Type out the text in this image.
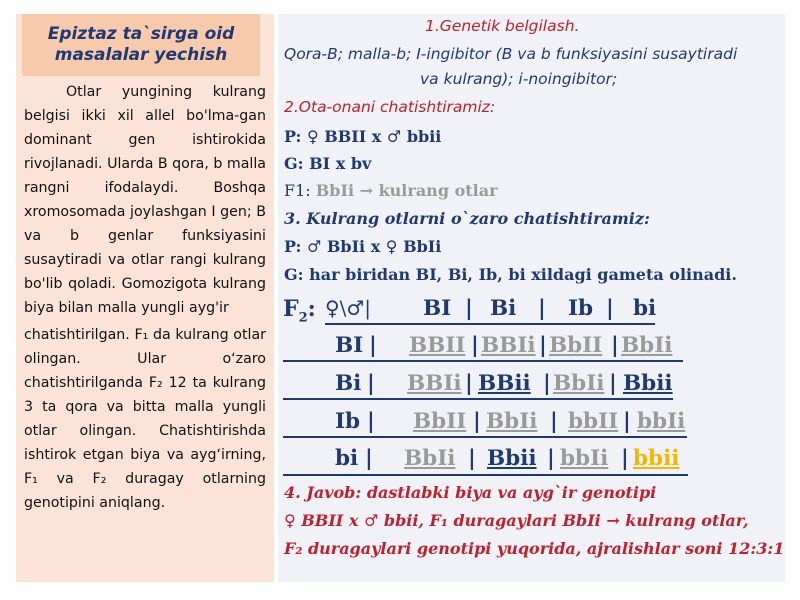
Epiztaz ta`sirga oid
masalalar yechish
Otlar yungining kulrang belgisi ikki xil allel bo'lma-gan dominant gen ishtirokida rivojlanadi. Ularda B qora, b malla rangni ifodalaydi. Boshqa xromosomada joylashgan I gen; B va b genlar funksiyasini susaytiradi va otlar rangi kulrang bo'lib qoladi. Gomozigota kulrang biya bilan malla yungli ayg'ir
chatishtirilgan. F₁ da kulrang otlar olingan. Ular oʻzaro chatishtirilganda F₂ 12 ta kulrang 3 ta qora va bitta malla yungli otlar olingan. Chatishtirishda ishtirok etgan biya va aygʻirning, F₁ va F₂ duragay otlarning genotipini aniqlang.
1.Genetik belgilash.
Qora-B; malla-b; I-ingibitor (B va b funksiyasini susaytiradi
va kulrang); i-noingibitor;
2.Ota-onani chatishtiramiz:
P: ♀ BBII x ♂ bbii
G: BI x bv
F1: BbIi → kulrang otlar
3. Kulrang otlarni o`zaro chatishtiramiz:
P: ♂ BbIi x ♀ BbIi
G: har biridan BI, Bi, Ib, bi xildagi gameta olinadi.
$F_2$: ♀\♂| BI | Bi | Ib | bi
BI | BBII | BBIi | BbII | BbIi
Bi | BBIi | BBii | BbIi | Bbii
Ib | BbII | BbIi | bbII | bbIi
bi | BbIi | Bbii | bbIi | bbii
4. Javob: dastlabki biya va ayg`ir genotipi
♀ BBII x ♂ bbii, F₁ duragaylari BbIi → kulrang otlar,
F₂ duragaylari genotipi yuqorida, ajralishlar soni 12:3:1
